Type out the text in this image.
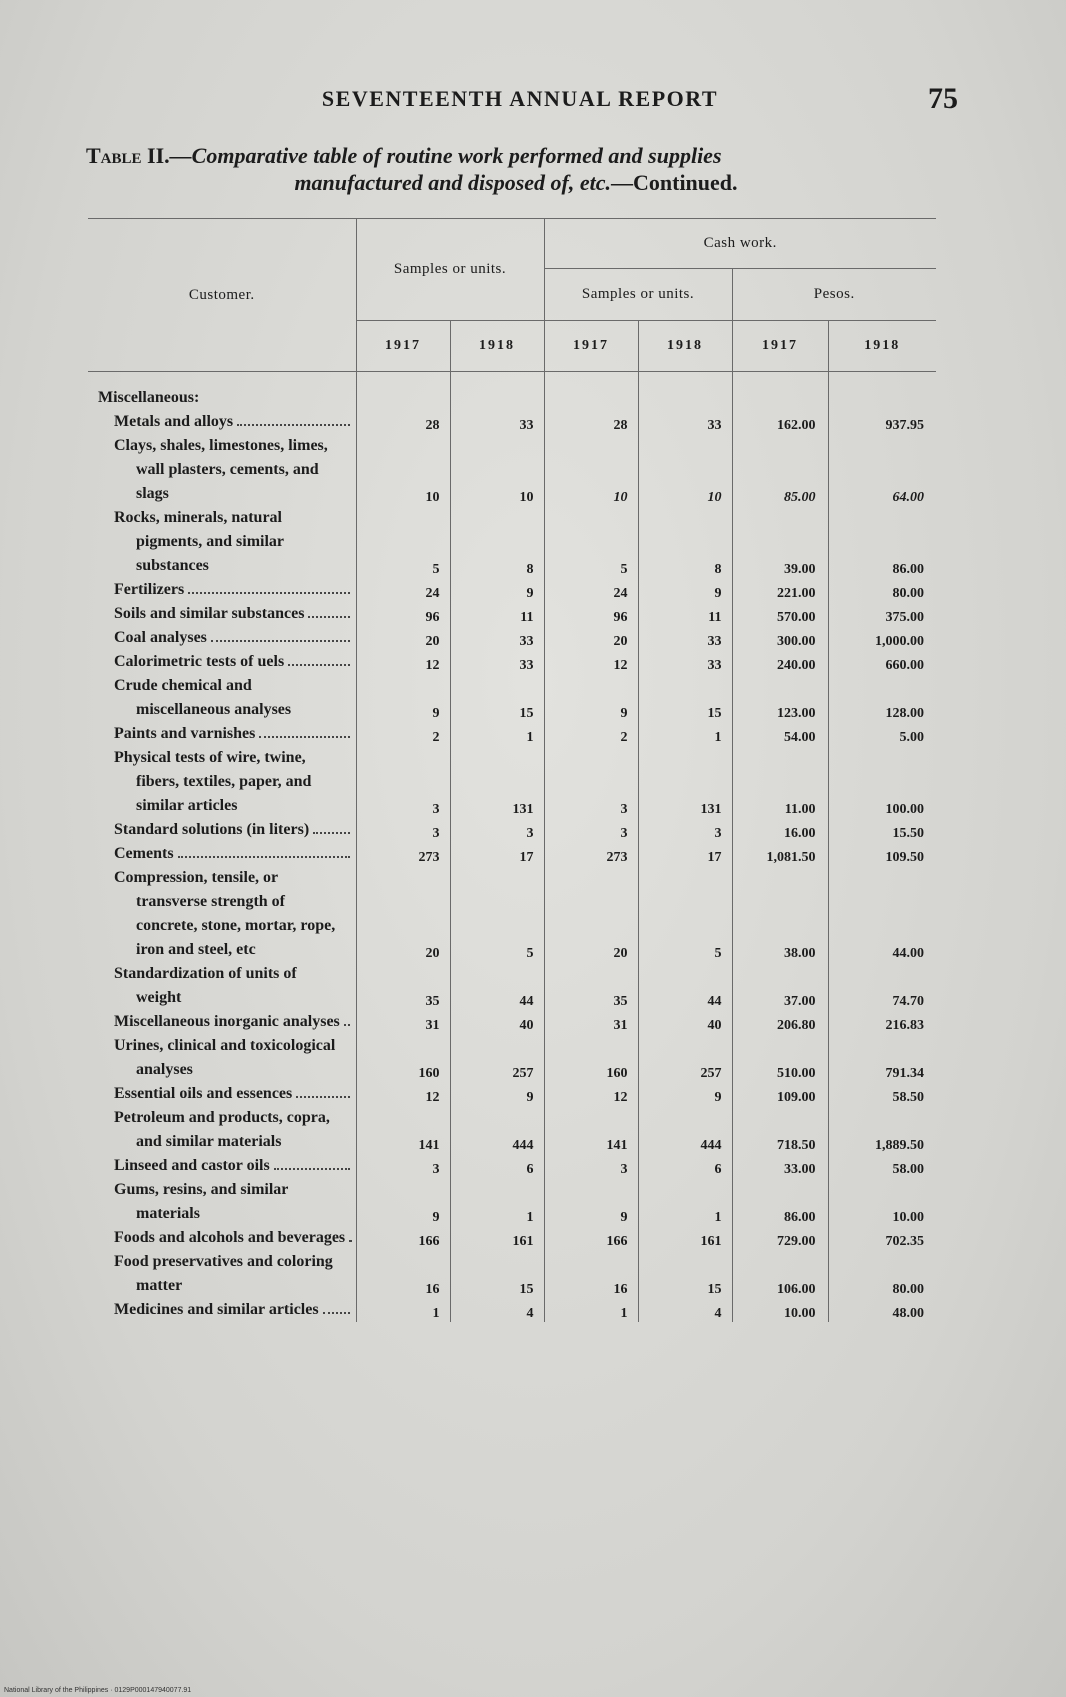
SEVENTEENTH ANNUAL REPORT	75
Table II.—Comparative table of routine work performed and supplies
manufactured and disposed of, etc.—Continued.
Customer.	Samples or units.		Cash work.			
			Samples or units.		Pesos.	
	1917	1918	1917	1918	1917	1918
Miscellaneous:						

Metals and alloys	28	33	28	33	162.00	937.95

Clays, shales, limestones, limes, wall plasters, cements, and slags	10	10	10	10	85.00	64.00

Rocks, minerals, natural pigments, and similar substances	5	8	5	8	39.00	86.00

Fertilizers	24	9	24	9	221.00	80.00

Soils and similar substances	96	11	96	11	570.00	375.00

Coal analyses	20	33	20	33	300.00	1,000.00

Calorimetric tests of uels	12	33	12	33	240.00	660.00

Crude chemical and miscellaneous analyses	9	15	9	15	123.00	128.00

Paints and varnishes	2	1	2	1	54.00	5.00

Physical tests of wire, twine, fibers, textiles, paper, and similar articles	3	131	3	131	11.00	100.00

Standard solutions (in liters)	3	3	3	3	16.00	15.50

Cements	273	17	273	17	1,081.50	109.50

Compression, tensile, or transverse strength of concrete, stone, mortar, rope, iron and steel, etc	20	5	20	5	38.00	44.00

Standardization of units of weight	35	44	35	44	37.00	74.70

Miscellaneous inorganic analyses	31	40	31	40	206.80	216.83

Urines, clinical and toxicological analyses	160	257	160	257	510.00	791.34

Essential oils and essences	12	9	12	9	109.00	58.50

Petroleum and products, copra, and similar materials	141	444	141	444	718.50	1,889.50

Linseed and castor oils	3	6	3	6	33.00	58.00

Gums, resins, and similar materials	9	1	9	1	86.00	10.00

Foods and alcohols and beverages	166	161	166	161	729.00	702.35

Food preservatives and coloring matter	16	15	16	15	106.00	80.00

Medicines and similar articles	1	4	1	4	10.00	48.00
National Library of the Philippines · 0129P000147940077.91
